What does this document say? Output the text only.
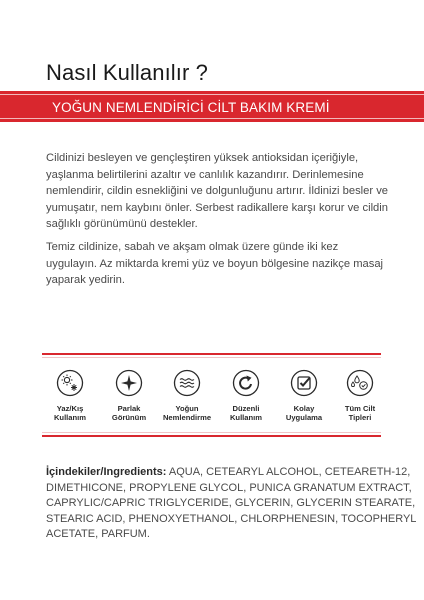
Nasıl Kullanılır ?
YOĞUN NEMLENDİRİCİ CİLT BAKIM KREMİ

Cildinizi besleyen ve gençleştiren yüksek antioksidan içeriğiyle, yaşlanma belirtilerini azaltır ve canlılık kazandırır. Derinlemesine nemlendirir, cildin esnekliğini ve dolgunluğunu artırır. İldinizi besler ve yumuşatır, nem kaybını önler. Serbest radikallere karşı korur ve cildin sağlıklı görünümünü destekler.

Temiz cildinize, sabah ve akşam olmak üzere günde iki kez uygulayın. Az miktarda kremi yüz ve boyun bölgesine nazikçe masaj yaparak yedirin.

Yaz/Kış
Kullanım
Parlak
Görünüm
Yoğun
Nemlendirme
Düzenli
Kullanım
Kolay
Uygulama
Tüm Cilt
Tipleri
İçindekiler/Ingredients: AQUA, CETEARYL ALCOHOL, CETEARETH-12, DIMETHICONE, PROPYLENE GLYCOL, PUNICA GRANATUM EXTRACT, CAPRYLIC/CAPRIC TRIGLYCERIDE, GLYCERIN, GLYCERIN STEARATE, STEARIC ACID, PHENOXYETHANOL, CHLORPHENESIN, TOCOPHERYL ACETATE, PARFUM.
